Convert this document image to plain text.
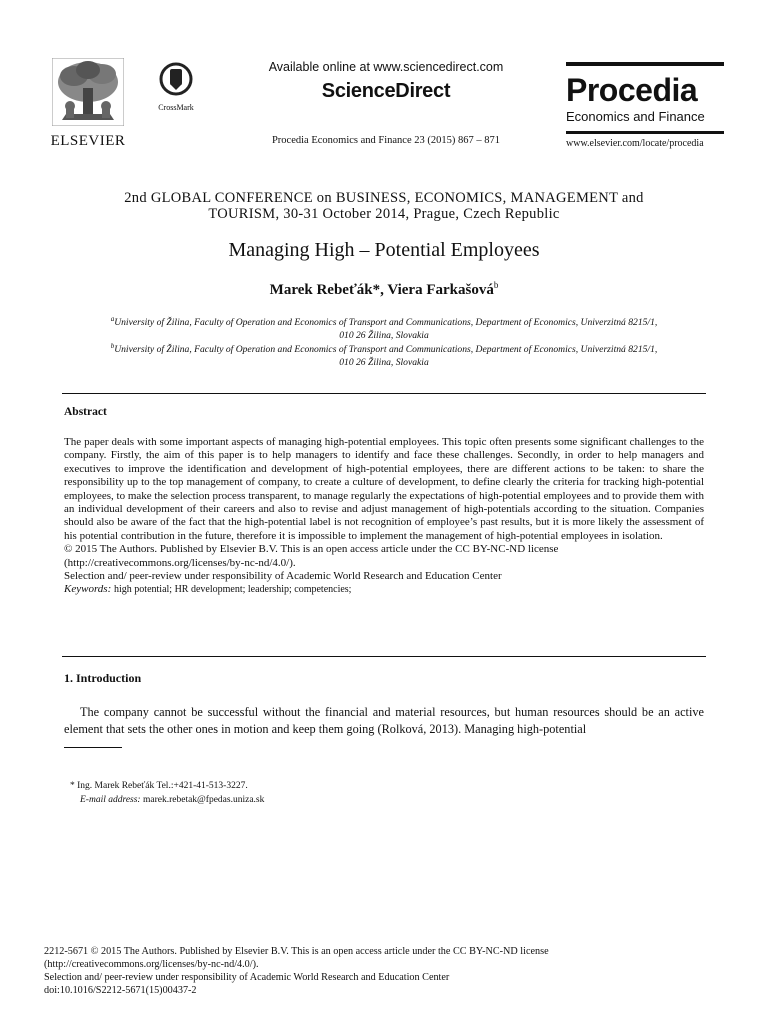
ELSEVIER
CrossMark
Available online at www.sciencedirect.com
ScienceDirect
Procedia Economics and Finance 23 (2015) 867 – 871
Procedia
Economics and Finance
www.elsevier.com/locate/procedia
2nd GLOBAL CONFERENCE on BUSINESS, ECONOMICS, MANAGEMENT and
TOURISM, 30-31 October 2014, Prague, Czech Republic
Managing High – Potential Employees
Marek Rebeťák*, Viera Farkašová$^b$
$^a$University of Žilina, Faculty of Operation and Economics of Transport and Communications, Department of Economics, Univerzitná 8215/1,
010 26 Žilina, Slovakia
$^b$University of Žilina, Faculty of Operation and Economics of Transport and Communications, Department of Economics, Univerzitná 8215/1,
010 26 Žilina, Slovakia
Abstract

The paper deals with some important aspects of managing high-potential employees. This topic often presents some significant challenges to the company. Firstly, the aim of this paper is to help managers to identify and face these challenges. Secondly, in order to help managers and executives to improve the identification and development of high-potential employees, there are different actions to be taken: to share the responsibility up to the top management of company, to create a culture of development, to define clearly the criteria for tracking high-potential employees, to make the selection process transparent, to manage regularly the expectations of high-potential employees and to provide them with an individual development of their careers and also to revise and adjust management of high-potentials according to the situation. Companies should also be aware of the fact that the high-potential label is not recognition of employee’s past results, but it is more likely the assessment of his potential contribution in the future, therefore it is impossible to implement the management of high-potential employees in isolation.

© 2015 The Authors. Published by Elsevier B.V. This is an open access article under the CC BY-NC-ND license

(http://creativecommons.org/licenses/by-nc-nd/4.0/).

Selection and/ peer-review under responsibility of Academic World Research and Education Center

Keywords: high potential; HR development; leadership; competencies;

1. Introduction
The company cannot be successful without the financial and material resources, but human resources should be an active element that sets the other ones in motion and keep them going (Rolková, 2013). Managing high-potential
* Ing. Marek Rebeťák Tel.:+421-41-513-3227.
E-mail address: marek.rebetak@fpedas.uniza.sk
2212-5671 © 2015 The Authors. Published by Elsevier B.V. This is an open access article under the CC BY-NC-ND license
(http://creativecommons.org/licenses/by-nc-nd/4.0/).
Selection and/ peer-review under responsibility of Academic World Research and Education Center
doi:10.1016/S2212-5671(15)00437-2
